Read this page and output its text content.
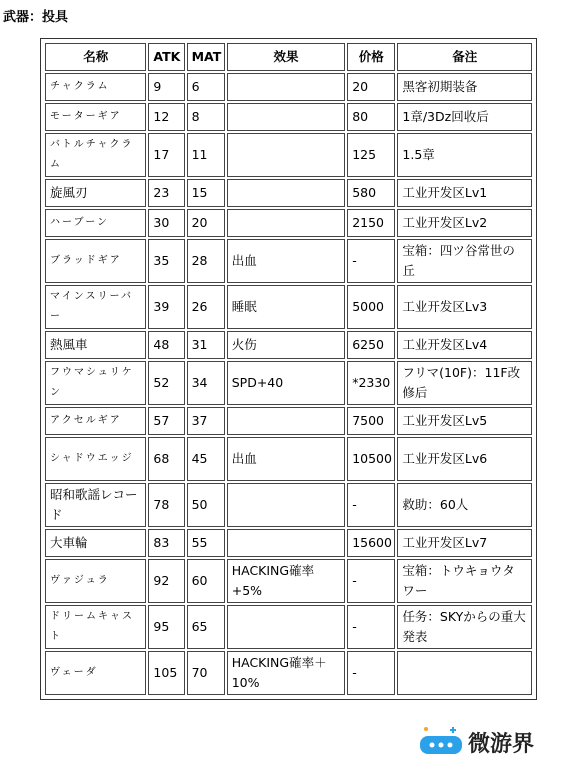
武器：投具
名称	ATK	MAT	效果	价格	备注
チャクラム	9	6		20	黑客初期装备
モーターギア	12	8		80	1章/3Dz回收后
バトルチャクラム	17	11		125	1.5章
旋風刃	23	15		580	工业开发区Lv1
ハーブーン	30	20		2150	工业开发区Lv2
ブラッドギア	35	28	出血	-	宝箱：四ツ谷常世の丘
マインスリーバー	39	26	睡眠	5000	工业开发区Lv3
熱風車	48	31	火伤	6250	工业开发区Lv4
フウマシュリケン	52	34	SPD+40	*2330	フリマ(10F)：11F改修后
アクセルギア	57	37		7500	工业开发区Lv5
シャドウエッジ	68	45	出血	10500	工业开发区Lv6
昭和歌謡レコード	78	50		-	救助：60人
大車輪	83	55		15600	工业开发区Lv7
ヴァジュラ	92	60	HACKING確率+5%	-	宝箱：トウキョウタワー
ドリームキャスト	95	65		-	任务：SKYからの重大発表
ヴェーダ	105	70	HACKING確率＋10%	-	
微游界
